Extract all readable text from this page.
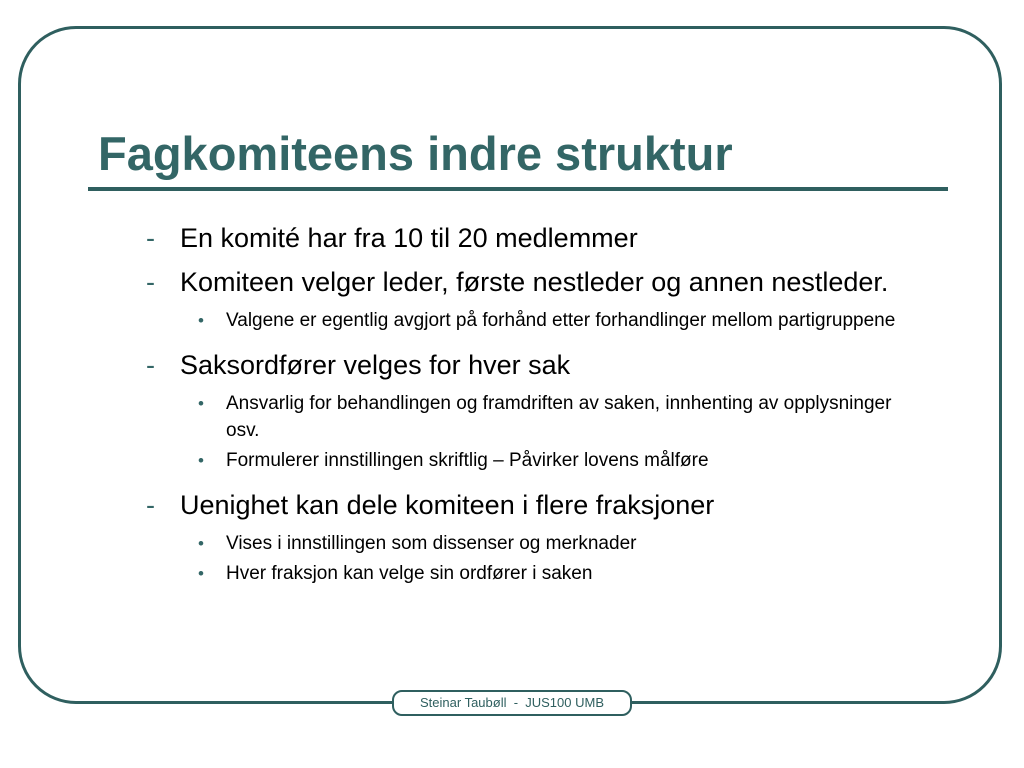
Fagkomiteens indre struktur
- En komité har fra 10 til 20 medlemmer
- Komiteen velger leder, første nestleder og annen nestleder.
• Valgene er egentlig avgjort på forhånd etter forhandlinger mellom partigruppene
- Saksordfører velges for hver sak
• Ansvarlig for behandlingen og framdriften av saken, innhenting av opplysninger osv.
• Formulerer innstillingen skriftlig – Påvirker lovens målføre
- Uenighet kan dele komiteen i flere fraksjoner
• Vises i innstillingen som dissenser og merknader
• Hver fraksjon kan velge sin ordfører i saken
Steinar Taubøll  -  JUS100 UMB
